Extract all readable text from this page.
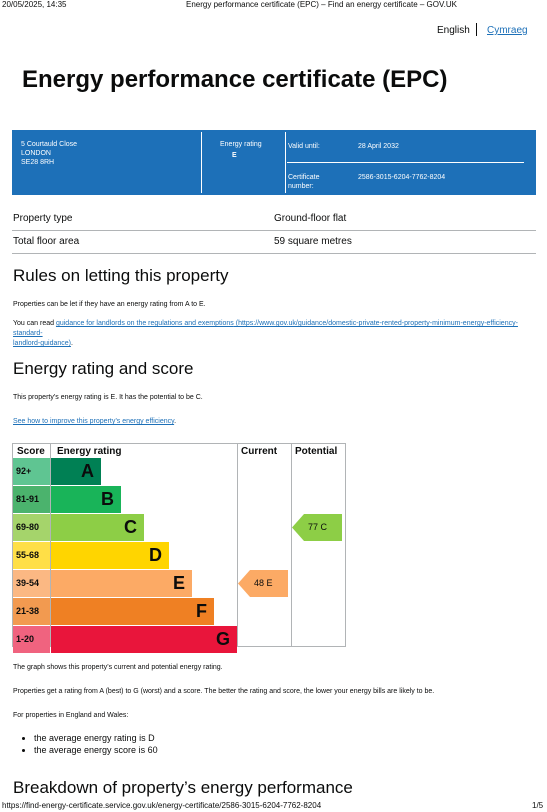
20/05/2025, 14:35	Energy performance certificate (EPC) – Find an energy certificate – GOV.UK
English Cymraeg
Energy performance certificate (EPC)
5 Courtauld Close
LONDON
SE28 8RH
Energy rating
E
Valid until:	28 April 2032
Certificate
number:
2586-3015-6204-7762-8204
Property type	Ground-floor flat
Total floor area	59 square metres
Rules on letting this property
Properties can be let if they have an energy rating from A to E.
You can read guidance for landlords on the regulations and exemptions (https://www.gov.uk/guidance/domestic-private-rented-property-minimum-energy-efficiency-standard-
landlord-guidance).
Energy rating and score
This property’s energy rating is E. It has the potential to be C.
See how to improve this property’s energy efficiency.
Score Energy rating	Current Potential
92+	A
81-91	B
69-80	C
55-68	D
39-54	E
21-38	F
1-20	G
48 E
77 C
The graph shows this property’s current and potential energy rating.
Properties get a rating from A (best) to G (worst) and a score. The better the rating and score, the lower your energy bills are likely to be.
For properties in England and Wales:
• the average energy rating is D
• the average energy score is 60
Breakdown of property’s energy performance
https://find-energy-certificate.service.gov.uk/energy-certificate/2586-3015-6204-7762-8204	1/5
